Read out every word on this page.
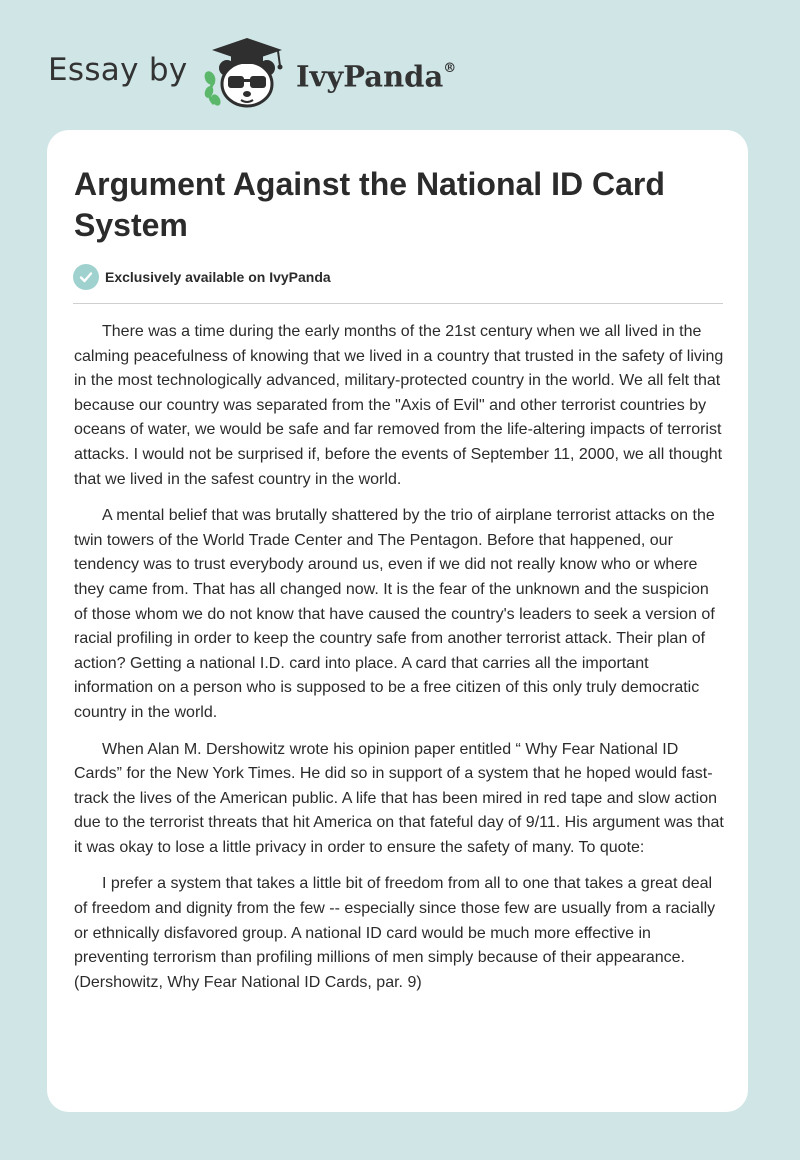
Essay by	IvyPanda®
Argument Against the National ID Card System
Exclusively available on IvyPanda

There was a time during the early months of the 21st century when we all lived in the calming peacefulness of knowing that we lived in a country that trusted in the safety of living in the most technologically advanced, military-protected country in the world. We all felt that because our country was separated from the "Axis of Evil" and other terrorist countries by oceans of water, we would be safe and far removed from the life-altering impacts of terrorist attacks. I would not be surprised if, before the events of September 11, 2000, we all thought that we lived in the safest country in the world.

A mental belief that was brutally shattered by the trio of airplane terrorist attacks on the twin towers of the World Trade Center and The Pentagon. Before that happened, our tendency was to trust everybody around us, even if we did not really know who or where they came from. That has all changed now. It is the fear of the unknown and the suspicion of those whom we do not know that have caused the country's leaders to seek a version of racial profiling in order to keep the country safe from another terrorist attack. Their plan of action? Getting a national I.D. card into place. A card that carries all the important information on a person who is supposed to be a free citizen of this only truly democratic country in the world.

When Alan M. Dershowitz wrote his opinion paper entitled “ Why Fear National ID Cards” for the New York Times. He did so in support of a system that he hoped would fast-track the lives of the American public. A life that has been mired in red tape and slow action due to the terrorist threats that hit America on that fateful day of 9/11. His argument was that it was okay to lose a little privacy in order to ensure the safety of many. To quote:

I prefer a system that takes a little bit of freedom from all to one that takes a great deal of freedom and dignity from the few -- especially since those few are usually from a racially or ethnically disfavored group. A national ID card would be much more effective in preventing terrorism than profiling millions of men simply because of their appearance.(Dershowitz, Why Fear National ID Cards, par. 9)
